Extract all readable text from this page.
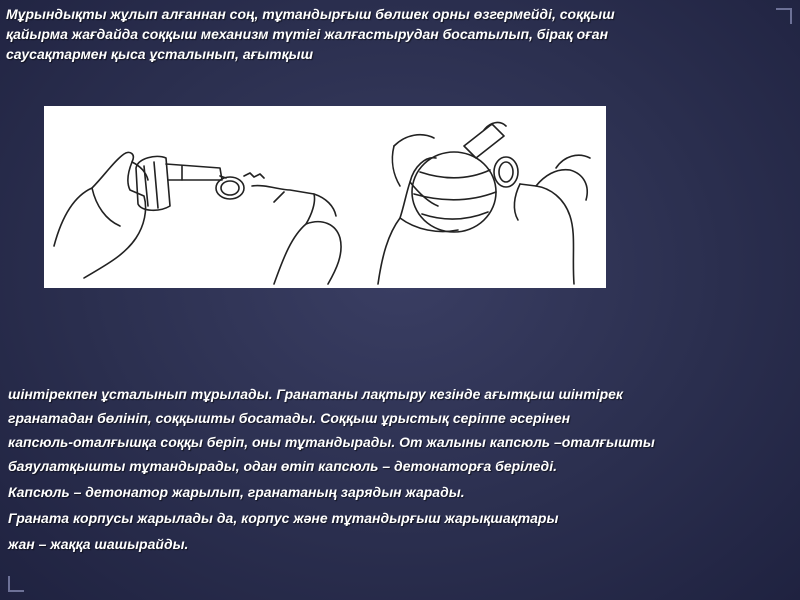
Мұрындықты жұлып алғаннан соң, тұтандырғыш бөлшек орны өзгермейді, соққыш
қайырма жағдайда соққыш механизм түтігі жалғастырудан босатылып, бірақ оған
саусақтармен қыса ұсталынып, ағытқыш
шінтірекпен ұсталынып тұрылады. Гранатаны лақтыру кезінде ағытқыш шінтірек
гранатадан бөлініп, соққышты босатады. Соққыш ұрыстық серіппе әсерінен
капсюль-оталғышқа соққы беріп, оны тұтандырады. От жалыны капсюль –оталғышты
баяулатқышты тұтандырады, одан өтіп капсюль – детонаторға беріледі.
Капсюль – детонатор жарылып, гранатаның зарядын жарады.
Граната корпусы жарылады да, корпус және тұтандырғыш жарықшақтары
жан – жаққа шашырайды.
